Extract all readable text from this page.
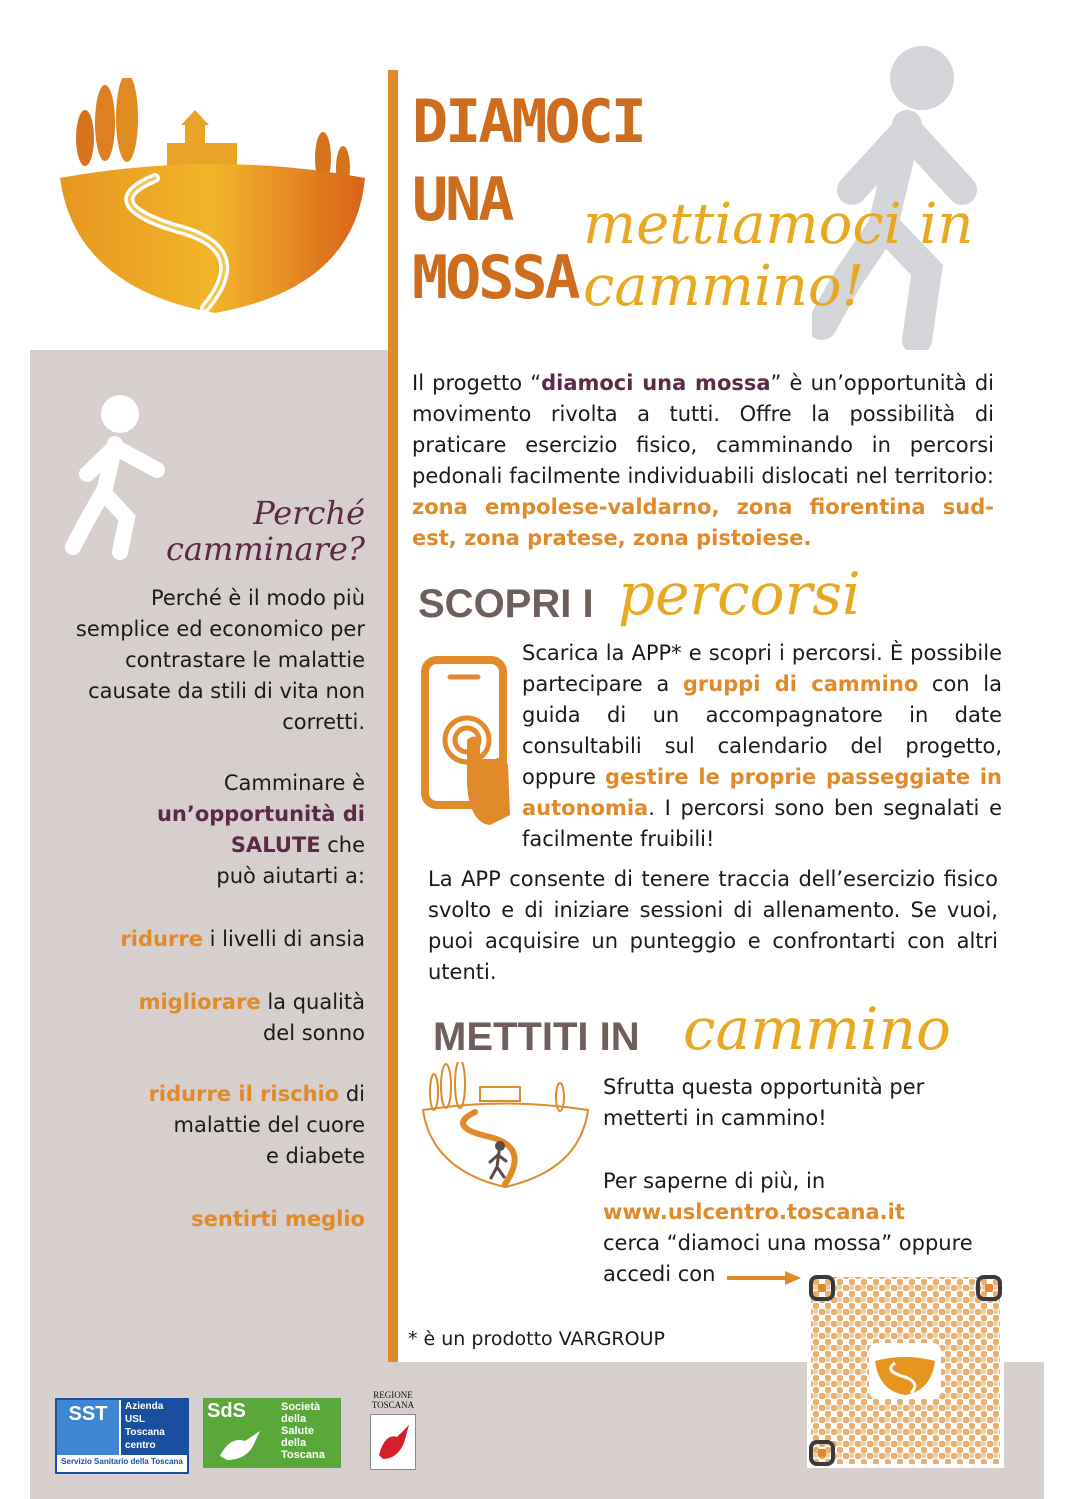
DIAMOCI
UNA
MOSSA
mettiamoci in
cammino!
Il progetto “diamoci una mossa” è un’opportunità di movimento rivolta a tutti. Offre la possibilità di praticare esercizio fisico, camminando in percorsi pedonali facilmente individuabili dislocati nel territorio: zona empolese-valdarno, zona fiorentina sud-est, zona pratese, zona pistoiese.
Perché
camminare?
Perché è il modo più semplice ed economico per contrastare le malattie causate da stili di vita non corretti.
Camminare è
un’opportunità di
SALUTE che
può aiutarti a:
ridurre i livelli di ansia
migliorare la qualità
del sonno
ridurre il rischio di
malattie del cuore
e diabete
sentirti meglio
SCOPRI I percorsi
Scarica la APP* e scopri i percorsi. È possibile partecipare a gruppi di cammino con la guida di un accompagnatore in date consultabili sul calendario del progetto, oppure gestire le proprie passeggiate in autonomia. I percorsi sono ben segnalati e facilmente fruibili!
La APP consente di tenere traccia dell’esercizio fisico svolto e di iniziare sessioni di allenamento. Se vuoi, puoi acquisire un punteggio e confrontarti con altri utenti.
METTITI IN cammino
Sfrutta questa opportunità per
metterti in cammino!
Per saperne di più, in
www.uslcentro.toscana.it
cerca “diamoci una mossa” oppure
accedi con
* è un prodotto VARGROUP
SST	Azienda
USL
Toscana
centro
Servizio Sanitario della Toscana
SdS	Società
della
Salute
della
Toscana
REGIONE
TOSCANA
